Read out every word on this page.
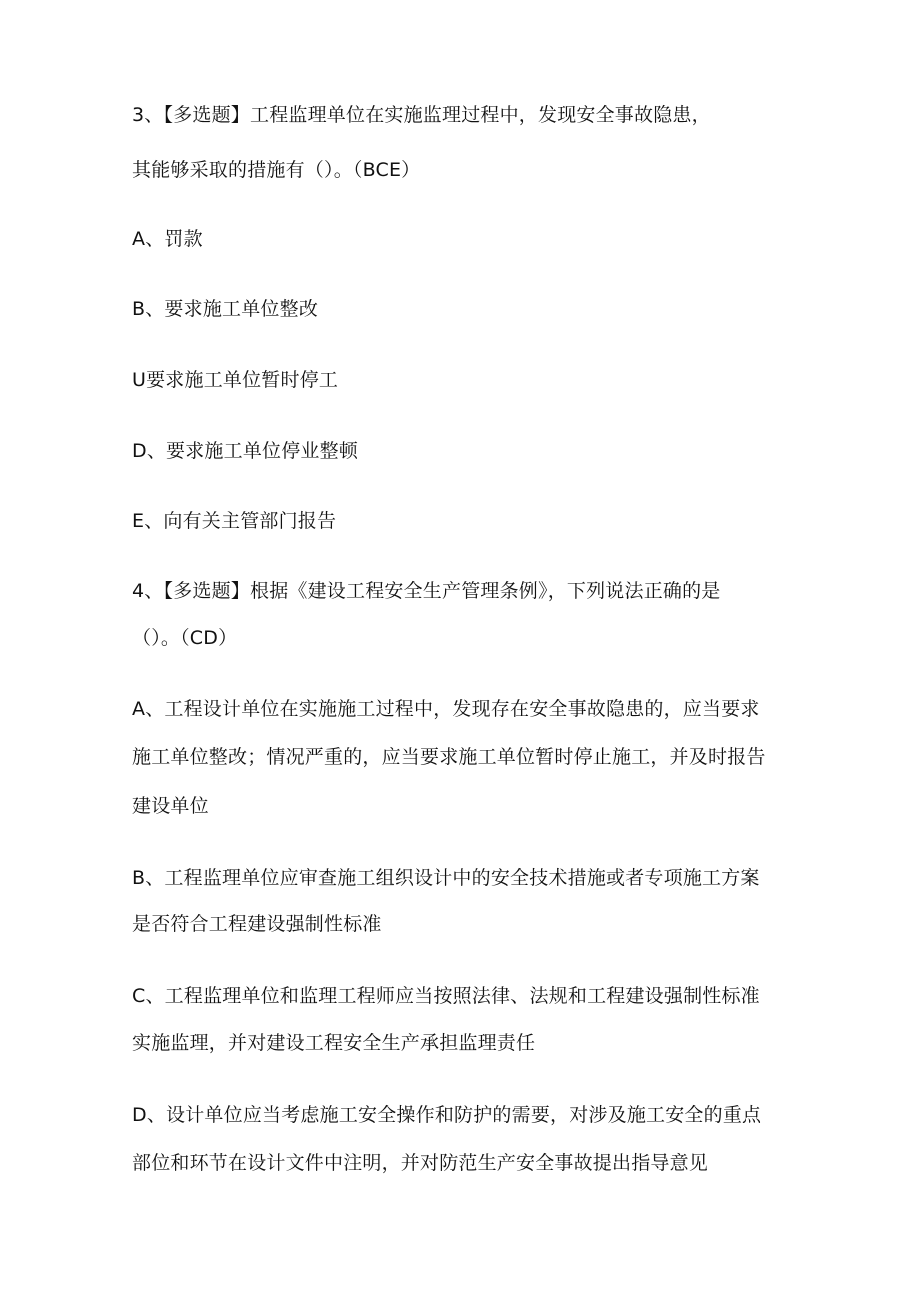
3、【多选题】工程监理单位在实施监理过程中，发现安全事故隐患，
其能够采取的措施有（）。（BCE）
A、罚款
B、要求施工单位整改
U要求施工单位暂时停工
D、要求施工单位停业整顿
E、向有关主管部门报告
4、【多选题】根据《建设工程安全生产管理条例》，下列说法正确的是
（）。（CD）
A、工程设计单位在实施施工过程中，发现存在安全事故隐患的，应当要求
施工单位整改；情况严重的，应当要求施工单位暂时停止施工，并及时报告
建设单位
B、工程监理单位应审查施工组织设计中的安全技术措施或者专项施工方案
是否符合工程建设强制性标准
C、工程监理单位和监理工程师应当按照法律、法规和工程建设强制性标准
实施监理，并对建设工程安全生产承担监理责任
D、设计单位应当考虑施工安全操作和防护的需要，对涉及施工安全的重点
部位和环节在设计文件中注明，并对防范生产安全事故提出指导意见
